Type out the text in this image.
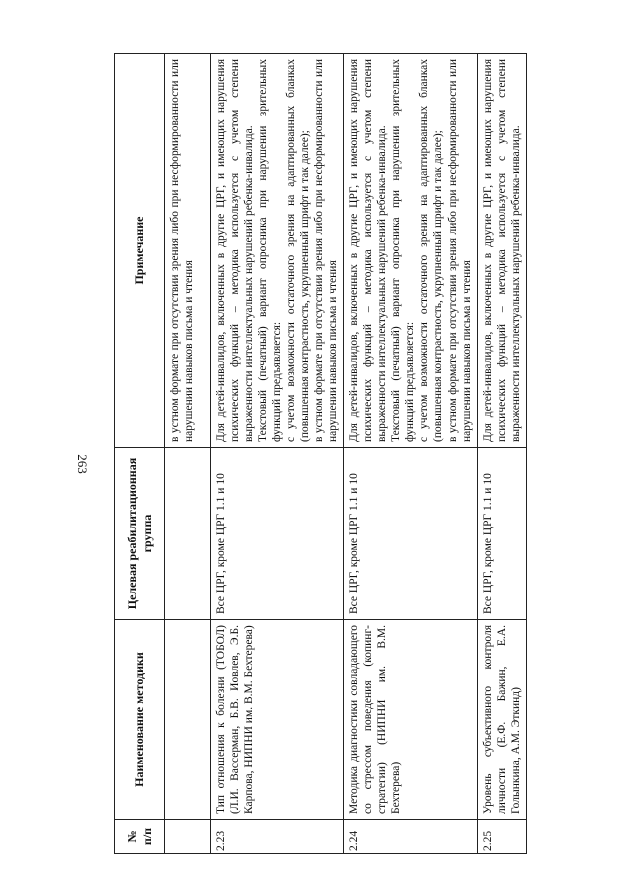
263
№ п/п	Наименование методики	Целевая реабилитационная группа	Примечание

			в устном формате при отсутствии зрения либо при несформированности или нарушении навыков письма и чтения

2.23	Тип отношения к болезни (ТОБОЛ) (Л.И. Вассерман, Б.В. Иовлев, Э.Б. Карпова, НИПНИ им. В.М. Бехтерева)	Все ЦРГ, кроме ЦРГ 1.1 и 10	Для детей-инвалидов, включенных в другие ЦРГ, и имеющих нарушения психических функций – методика используется с учетом степени выраженности интеллектуальных нарушений ребенка-инвалида. Текстовый (печатный) вариант опросника при нарушении зрительных функций предъявляется: с учетом возможности остаточного зрения на адаптированных бланках (повышенная контрастность, укрупненный шрифт и так далее); в устном формате при отсутствии зрения либо при несформированности или нарушении навыков письма и чтения

2.24	Методика диагностики совладающего со стрессом поведения (копинг-стратегии) (НИПНИ им. В.М. Бехтерева)	Все ЦРГ, кроме ЦРГ 1.1 и 10	Для детей-инвалидов, включенных в другие ЦРГ, и имеющих нарушения психических функций – методика используется с учетом степени выраженности интеллектуальных нарушений ребенка-инвалида. Текстовый (печатный) вариант опросника при нарушении зрительных функций предъявляется: с учетом возможности остаточного зрения на адаптированных бланках (повышенная контрастность, укрупненный шрифт и так далее); в устном формате при отсутствии зрения либо при несформированности или нарушении навыков письма и чтения

2.25	Уровень субъективного контроля личности (Е.Ф. Бажин, Е.А. Голынкина, А.М. Эткинд)	Все ЦРГ, кроме ЦРГ 1.1 и 10	Для детей-инвалидов, включенных в другие ЦРГ, и имеющих нарушения психических функций – методика используется с учетом степени выраженности интеллектуальных нарушений ребенка-инвалида.
